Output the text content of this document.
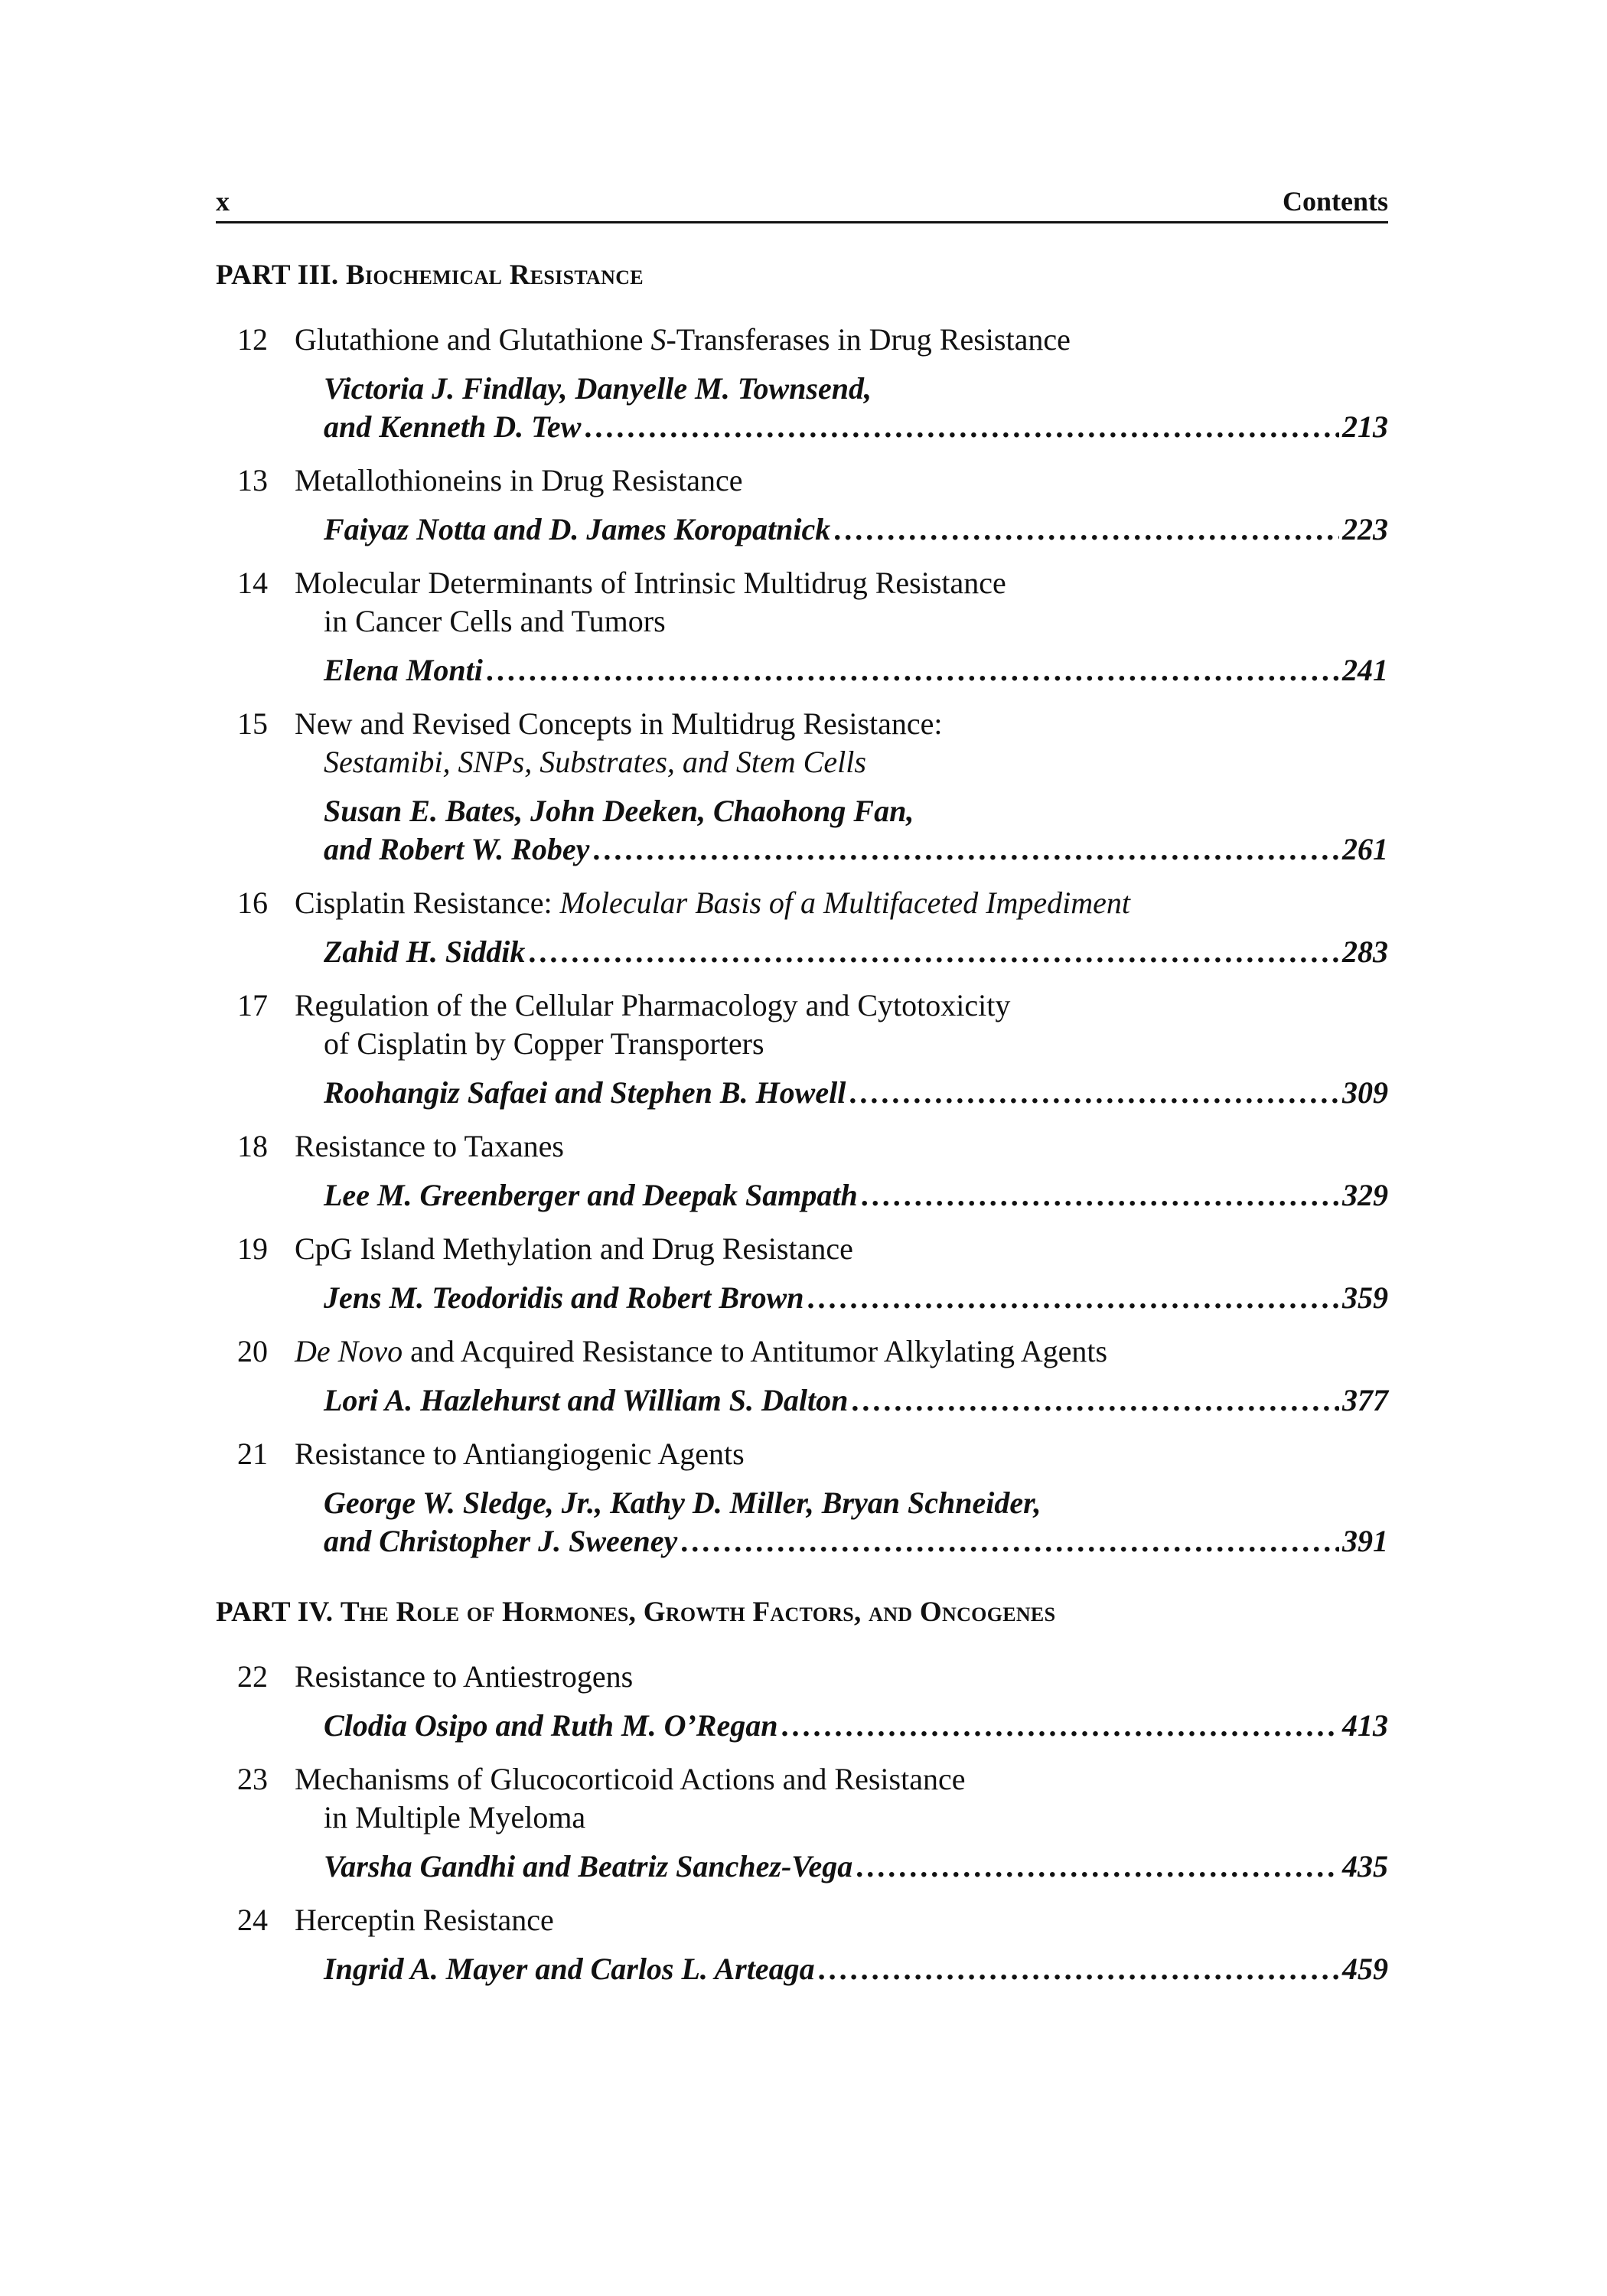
x	Contents
PART III. Biochemical Resistance
12 Glutathione and Glutathione S-Transferases in Drug Resistance
Victoria J. Findlay, Danyelle M. Townsend,
and Kenneth D. Tew . . .	213
13 Metallothioneins in Drug Resistance
Faiyaz Notta and D. James Koropatnick . . .	223
14 Molecular Determinants of Intrinsic Multidrug Resistance
in Cancer Cells and Tumors
Elena Monti . . .	241
15 New and Revised Concepts in Multidrug Resistance:
Sestamibi, SNPs, Substrates, and Stem Cells
Susan E. Bates, John Deeken, Chaohong Fan,
and Robert W. Robey . . .	261
16 Cisplatin Resistance: Molecular Basis of a Multifaceted Impediment
Zahid H. Siddik . . .	283
17 Regulation of the Cellular Pharmacology and Cytotoxicity
of Cisplatin by Copper Transporters
Roohangiz Safaei and Stephen B. Howell . . .	309
18 Resistance to Taxanes
Lee M. Greenberger and Deepak Sampath . . .	329
19 CpG Island Methylation and Drug Resistance
Jens M. Teodoridis and Robert Brown . . .	359
20 De Novo and Acquired Resistance to Antitumor Alkylating Agents
Lori A. Hazlehurst and William S. Dalton . . .	377
21 Resistance to Antiangiogenic Agents
George W. Sledge, Jr., Kathy D. Miller, Bryan Schneider,
and Christopher J. Sweeney . . .	391
PART IV. The Role of Hormones, Growth Factors, and Oncogenes
22 Resistance to Antiestrogens
Clodia Osipo and Ruth M. O’Regan . . .	413
23 Mechanisms of Glucocorticoid Actions and Resistance
in Multiple Myeloma
Varsha Gandhi and Beatriz Sanchez-Vega . . .	435
24 Herceptin Resistance
Ingrid A. Mayer and Carlos L. Arteaga . . .	459
